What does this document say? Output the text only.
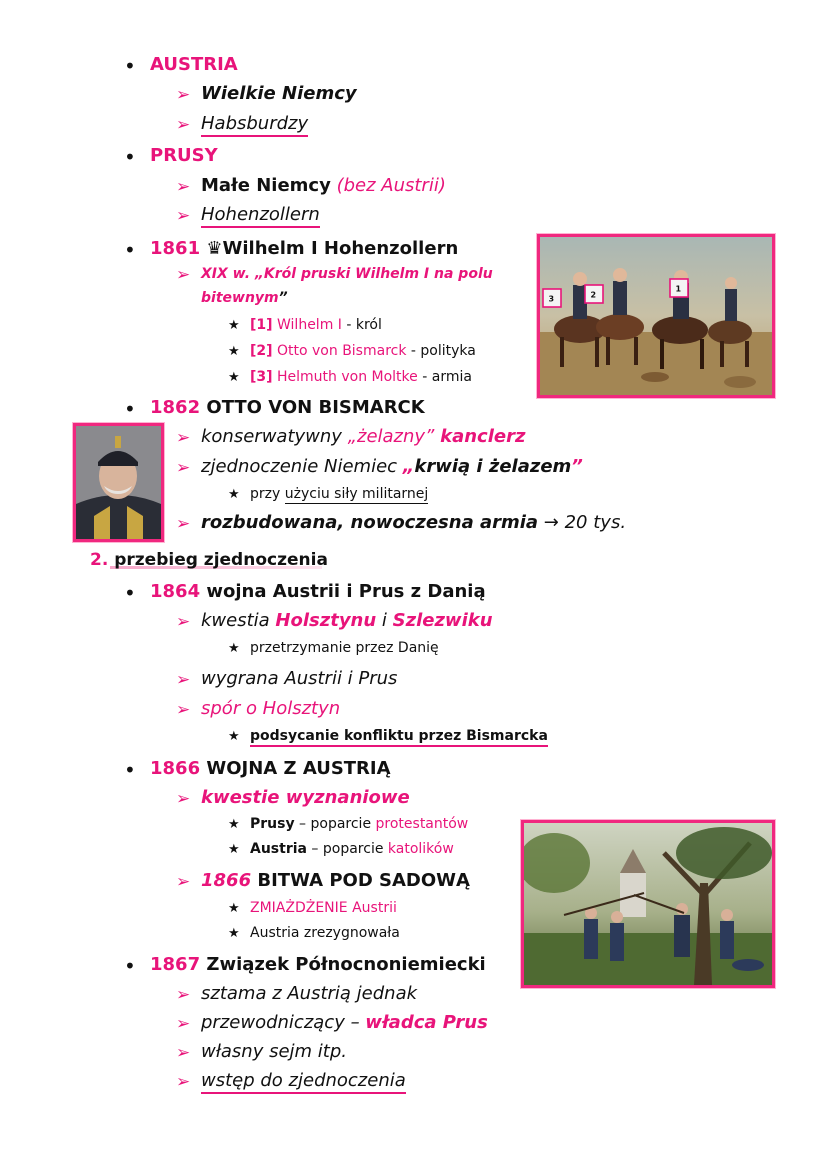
• AUSTRIA
➢ Wielkie Niemcy
➢ Habsburdzy
• PRUSY
➢ Małe Niemcy (bez Austrii)
➢ Hohenzollern
• 1861 ♛Wilhelm I Hohenzollern
➢ XIX w. „Król pruski Wilhelm I na polu
bitewnym”
★ [1] Wilhelm I - król
★ [2] Otto von Bismarck - polityka
★ [3] Helmuth von Moltke - armia
1
2
3
• 1862 OTTO VON BISMARCK
➢ konserwatywny „żelazny” kanclerz
➢ zjednoczenie Niemiec „krwią i żelazem”
★ przy użyciu siły militarnej
➢ rozbudowana, nowoczesna armia → 20 tys.
2. przebieg zjednoczenia
• 1864 wojna Austrii i Prus z Danią
➢ kwestia Holsztynu i Szlezwiku
★ przetrzymanie przez Danię
➢ wygrana Austrii i Prus
➢ spór o Holsztyn
★ podsycanie konfliktu przez Bismarcka
• 1866 WOJNA Z AUSTRIĄ
➢ kwestie wyznaniowe
★ Prusy – poparcie protestantów
★ Austria – poparcie katolików
➢ 1866 BITWA POD SADOWĄ
★ ZMIAŻDŻENIE Austrii
★ Austria zrezygnowała
• 1867 Związek Północnoniemiecki
➢ sztama z Austrią jednak
➢ przewodniczący – władca Prus
➢ własny sejm itp.
➢ wstęp do zjednoczenia
